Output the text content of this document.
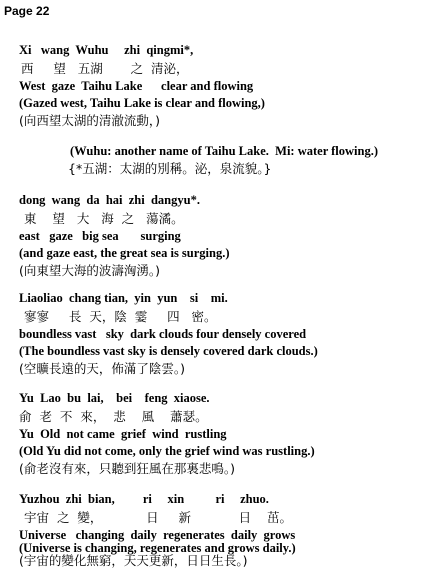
Page 22
Xi   wang  Wuhu     zhi  qingmi*,
西     望   五湖       之  清泌，
West  gaze  Taihu Lake      clear and flowing
(Gazed west, Taihu Lake is clear and flowing,)
(向西望太湖的清澈流動，)
(Wuhu: another name of Taihu Lake.  Mi: water flowing.)
{*五湖：太湖的別稱。泌，泉流貌。}
dong  wang  da  hai  zhi  dangyu*.
東    望   大   海  之   蕩潏。
east   gaze   big sea       surging
(and gaze east, the great sea is surging.)
(向東望大海的波濤洶湧。)
Liaoliao  chang tian,  yin  yun    si    mi.
寥寥     長  天，陰  霎     四   密。
boundless vast   sky  dark clouds four densely covered
(The boundless vast sky is densely covered dark clouds.)
(空曠長遠的天，佈滿了陰雲。)
Yu  Lao  bu  lai,    bei    feng  xiaose.
俞  老  不  來，  悲    風    蕭瑟。
Yu  Old  not came  grief  wind  rustling
(Old Yu did not come, only the grief wind was rustling.)
(俞老沒有來，只聽到狂風在那裏悲鳴。)
Yuzhou  zhi  bian,         ri     xin          ri     zhuo.
宇宙  之  變，           日     新            日    茁。
Universe   changing  daily  regenerates  daily  grows
(Universe is changing, regenerates and grows daily.)
(宇宙的變化無窮，天天更新，日日生長。)
